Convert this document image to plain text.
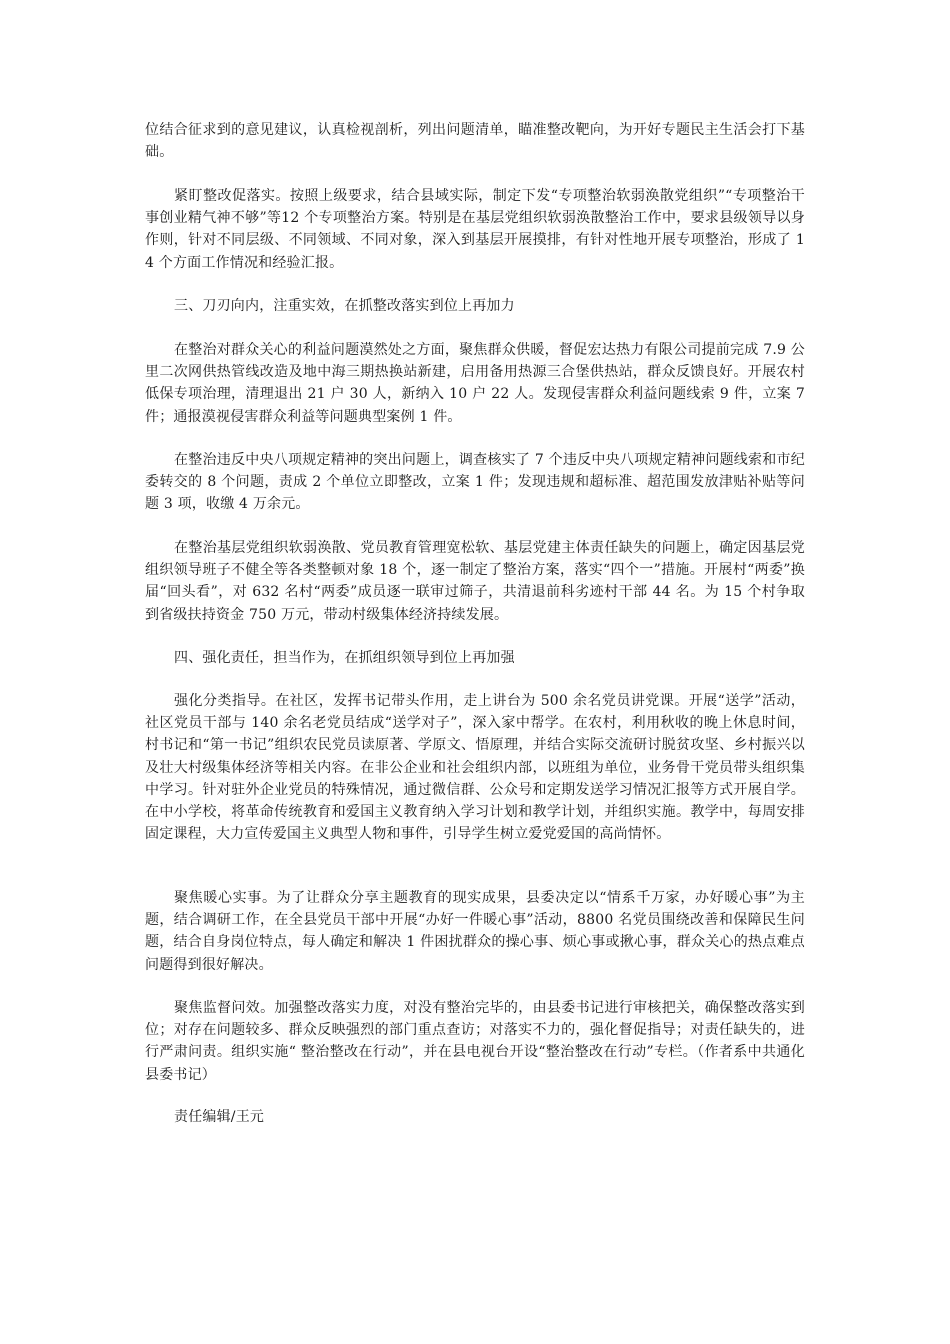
位结合征求到的意见建议，认真检视剖析，列出问题清单，瞄准整改靶向，为开好专题民主生活会打下基础。

紧盯整改促落实。按照上级要求，结合县域实际，制定下发“专项整治软弱涣散党组织”“专项整治干事创业精气神不够”等12 个专项整治方案。特别是在基层党组织软弱涣散整治工作中，要求县级领导以身作则，针对不同层级、不同领域、不同对象，深入到基层开展摸排，有针对性地开展专项整治，形成了 14 个方面工作情况和经验汇报。

三、刀刃向内，注重实效，在抓整改落实到位上再加力

在整治对群众关心的利益问题漠然处之方面，聚焦群众供暖，督促宏达热力有限公司提前完成 7.9 公里二次网供热管线改造及地中海三期热换站新建，启用备用热源三合堡供热站，群众反馈良好。开展农村低保专项治理，清理退出 21 户 30 人，新纳入 10 户 22 人。发现侵害群众利益问题线索 9 件，立案 7 件；通报漠视侵害群众利益等问题典型案例 1 件。

在整治违反中央八项规定精神的突出问题上，调查核实了 7 个违反中央八项规定精神问题线索和市纪委转交的 8 个问题，责成 2 个单位立即整改，立案 1 件；发现违规和超标准、超范围发放津贴补贴等问题 3 项，收缴 4 万余元。

在整治基层党组织软弱涣散、党员教育管理宽松软、基层党建主体责任缺失的问题上，确定因基层党组织领导班子不健全等各类整顿对象 18 个，逐一制定了整治方案，落实“四个一”措施。开展村“两委”换届“回头看”，对 632 名村“两委”成员逐一联审过筛子，共清退前科劣迹村干部 44 名。为 15 个村争取到省级扶持资金 750 万元，带动村级集体经济持续发展。

四、强化责任，担当作为，在抓组织领导到位上再加强

强化分类指导。在社区，发挥书记带头作用，走上讲台为 500 余名党员讲党课。开展“送学”活动，社区党员干部与 140 余名老党员结成“送学对子”，深入家中帮学。在农村，利用秋收的晚上休息时间，村书记和“第一书记”组织农民党员读原著、学原文、悟原理，并结合实际交流研讨脱贫攻坚、乡村振兴以及壮大村级集体经济等相关内容。在非公企业和社会组织内部，以班组为单位，业务骨干党员带头组织集中学习。针对驻外企业党员的特殊情况，通过微信群、公众号和定期发送学习情况汇报等方式开展自学。在中小学校，将革命传统教育和爱国主义教育纳入学习计划和教学计划，并组织实施。教学中，每周安排固定课程，大力宣传爱国主义典型人物和事件，引导学生树立爱党爱国的高尚情怀。

聚焦暖心实事。为了让群众分享主题教育的现实成果，县委决定以“情系千万家，办好暖心事”为主题，结合调研工作，在全县党员干部中开展“办好一件暖心事”活动，8800 名党员围绕改善和保障民生问题，结合自身岗位特点，每人确定和解决 1 件困扰群众的操心事、烦心事或揪心事，群众关心的热点难点问题得到很好解决。

聚焦监督问效。加强整改落实力度，对没有整治完毕的，由县委书记进行审核把关，确保整改落实到位；对存在问题较多、群众反映强烈的部门重点查访；对落实不力的，强化督促指导；对责任缺失的，进行严肃问责。组织实施“ 整治整改在行动”，并在县电视台开设“整治整改在行动”专栏。（作者系中共通化县委书记）

责任编辑/王元
